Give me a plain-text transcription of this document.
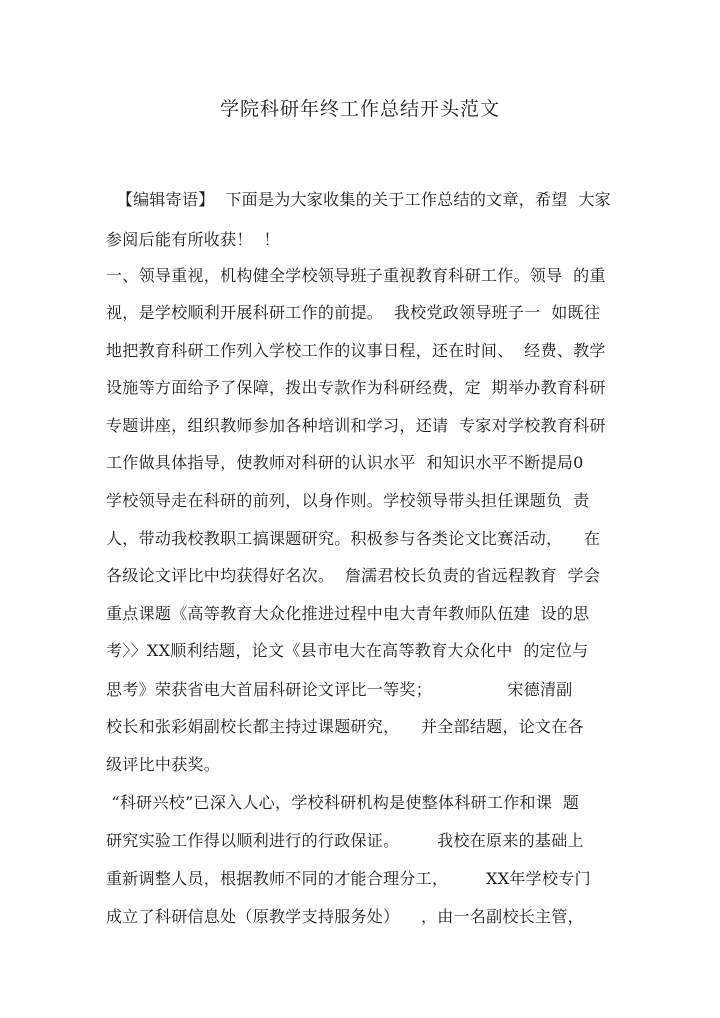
学院科研年终工作总结开头范文
【编辑寄语】  下面是为大家收集的关于工作总结的文章，希望  大家
参阅后能有所收获！  ！
一、领导重视，机构健全学校领导班子重视教育科研工作。领导  的重
视，是学校顺利开展科研工作的前提。  我校党政领导班子一  如既往
地把教育科研工作列入学校工作的议事日程，还在时间、  经费、教学
设施等方面给予了保障，拨出专款作为科研经费，定  期举办教育科研
专题讲座，组织教师参加各种培训和学习，还请  专家对学校教育科研
工作做具体指导，使教师对科研的认识水平  和知识水平不断提局0
学校领导走在科研的前列，以身作则。学校领导带头担任课题负  责
人，带动我校教职工搞课题研究。积极参与各类论文比赛活动，    在
各级论文评比中均获得好名次。  詹濡君校长负责的省远程教育  学会
重点课题《高等教育大众化推进过程中电大青年教师队伍建  设的思
考〉〉XX顺利结题，论文《县市电大在高等教育大众化中  的定位与
思考》荣获省电大首届科研论文评比一等奖；              宋德清副
校长和张彩娟副校长都主持过课题研究，    并全部结题，论文在各
级评比中获奖。
“科研兴校”已深入人心，学校科研机构是使整体科研工作和课  题
研究实验工作得以顺利进行的行政保证。       我校在原来的基础上
重新调整人员，根据教师不同的才能合理分工，       XX年学校专门
成立了科研信息处（原教学支持服务处）    ，由一名副校长主管，
